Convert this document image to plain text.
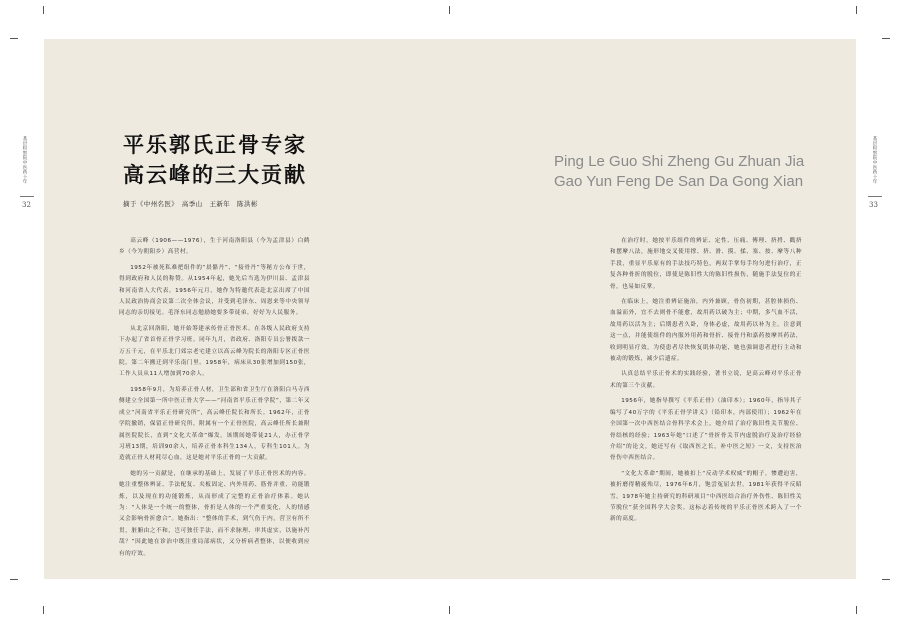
基层检察院中医药十年
32
基层检察院中医药十年
33
平乐郭氏正骨专家
高云峰的三大贡献
摘于《中州名医》　高季山　王新年　陈洪彬
Ping Le Guo Shi Zheng Gu Zhuan Jia
Gao Yun Feng De San Da Gong Xian

高云峰（1906——1976），生于河南洛阳县（今为孟津县）白鹤乡（今为朝阳乡）高营村。

1952年被死私难把组件的“晨骼丹”、“接骨丹”等秘方公布于世，得到政府和人民的称赞。从1954年起，她先后当选为伊川县、孟津县和河南省人大代表。1956年元月，她作为特邀代表赴北京出席了中国人民政治协商会议第二次全体会议，并受到毛泽东、周恩来等中央领导同志的亲切接见。毛泽东同志勉励她要多带徒弟，好好为人民服务。

从北京回洛阳，她开始筹建承传骨正骨医术。在各级人民政府支持下办起了省首骨正骨学习班。同年九月，省政府、洛阳专员公署拨款一万五千元，在平乐北门郊宗老宅建立以高云峰为院长的洛阳专区正骨医院，第二年搬迁到平乐南门里。1958年，病床从30张增加到150张，工作人员从11人增加到70余人。

1958年9月，为培养正骨人材，卫生部和省卫生厅在洛阳白马寺西侧建立全国第一所中医正骨大学——“河南省平乐正骨学院”，第二年又成立“河南省平乐正骨研究所”，高云峰任院长和所长。1962年，正骨学院撤销，保留正骨研究所，附属有一个正骨医院，高云峰任所长兼附属医院院长，直到“文化大革命”爆发。该期间她带徒21人，办正骨学习班13期，培训90余人，培养正骨本科生134人，专科生101人。为造就正骨人材耗尽心血，这是她对平乐正骨的一大贡献。

她的另一贡献是，在继承的基础上，发展了平乐正骨医术的内容。她注重整体辨证、手法配复、夹板固定、内外用药、筋骨并重、功能锻炼，以及现在的功能锻炼，从而形成了完整的正骨治疗体系。她认为：“人体是一个统一的整体，骨折是人体的一个严重变化，人的情感又会影响骨折愈合”。她指出：“整体的手术，到气伤于内，营卫有所不贯，脏腑由之不和，岂可独任手法，而不求脉理、审其虚实，以施补泻哉？”因此她在诊治中既注重局部病状，又分析病者整体，以便收到应有的疗效。

在治疗时，她按平乐组件的辨证、定性、压痛、傅理、挤捋、戳挤和摆摩八法，施形地交叉使用撑、挤、滑、摸、揉、塞、按、摩等八种手段，重显平乐原有的手法技巧特色，两双手掌每手均匀进行治疗，正复各种骨折的脱位，即使是陈旧性大的陈旧性损伤，随施手法复位的正骨，也易如反掌。

在临床上，她注重辨证施治，内外兼顾，骨伤初期，甚腔体损伤、血溢而外，宜不去则骨不能愈，故用药以破为主；中期，多气血不活，故用药以活为主；后期患者久卧，身体必虚，故用药以补为主。注意到这一点，并能使组件的内服外用药和骨折、接骨丹和嘉药按摩其药法，收到明显疗效，为使患者尽快恢复肌体功能，她也强调患者进行主动和被动的锻炼，减少后遗症。

认真总结平乐正骨术的实践经验，著书立说，是高云峰对平乐正骨术的第三个贡献。

1956年，她指导撰写《平乐正骨》（油印本）；1960年，指导其子编写了40万字的《平乐正骨学讲义》（铅印本，内部使用）；1962年在全国第一次中西医结合骨科学术会上，她介绍了治疗陈旧性关节脱位、骨结核的经验；1963年她“口述了”骨折骨关节内虚脱治疗及治疗经验介绍”的论文，她还写有《取西医之长，补中医之短》一文，支持医治骨伤中西医结合。

“文化大革命”期间，她被扣上“反动学术权威”的帽子，惨遭迫害，被折磨得精疲殆尽，1976年6月，饱尝冤屈去世。1981年获得平反昭雪，1978年她主持研究的科研项目“中西医结合治疗外伤性、陈旧性关节脱位”获全国科学大会奖。这标志着传统的平乐正骨医术跨入了一个新的高度。
